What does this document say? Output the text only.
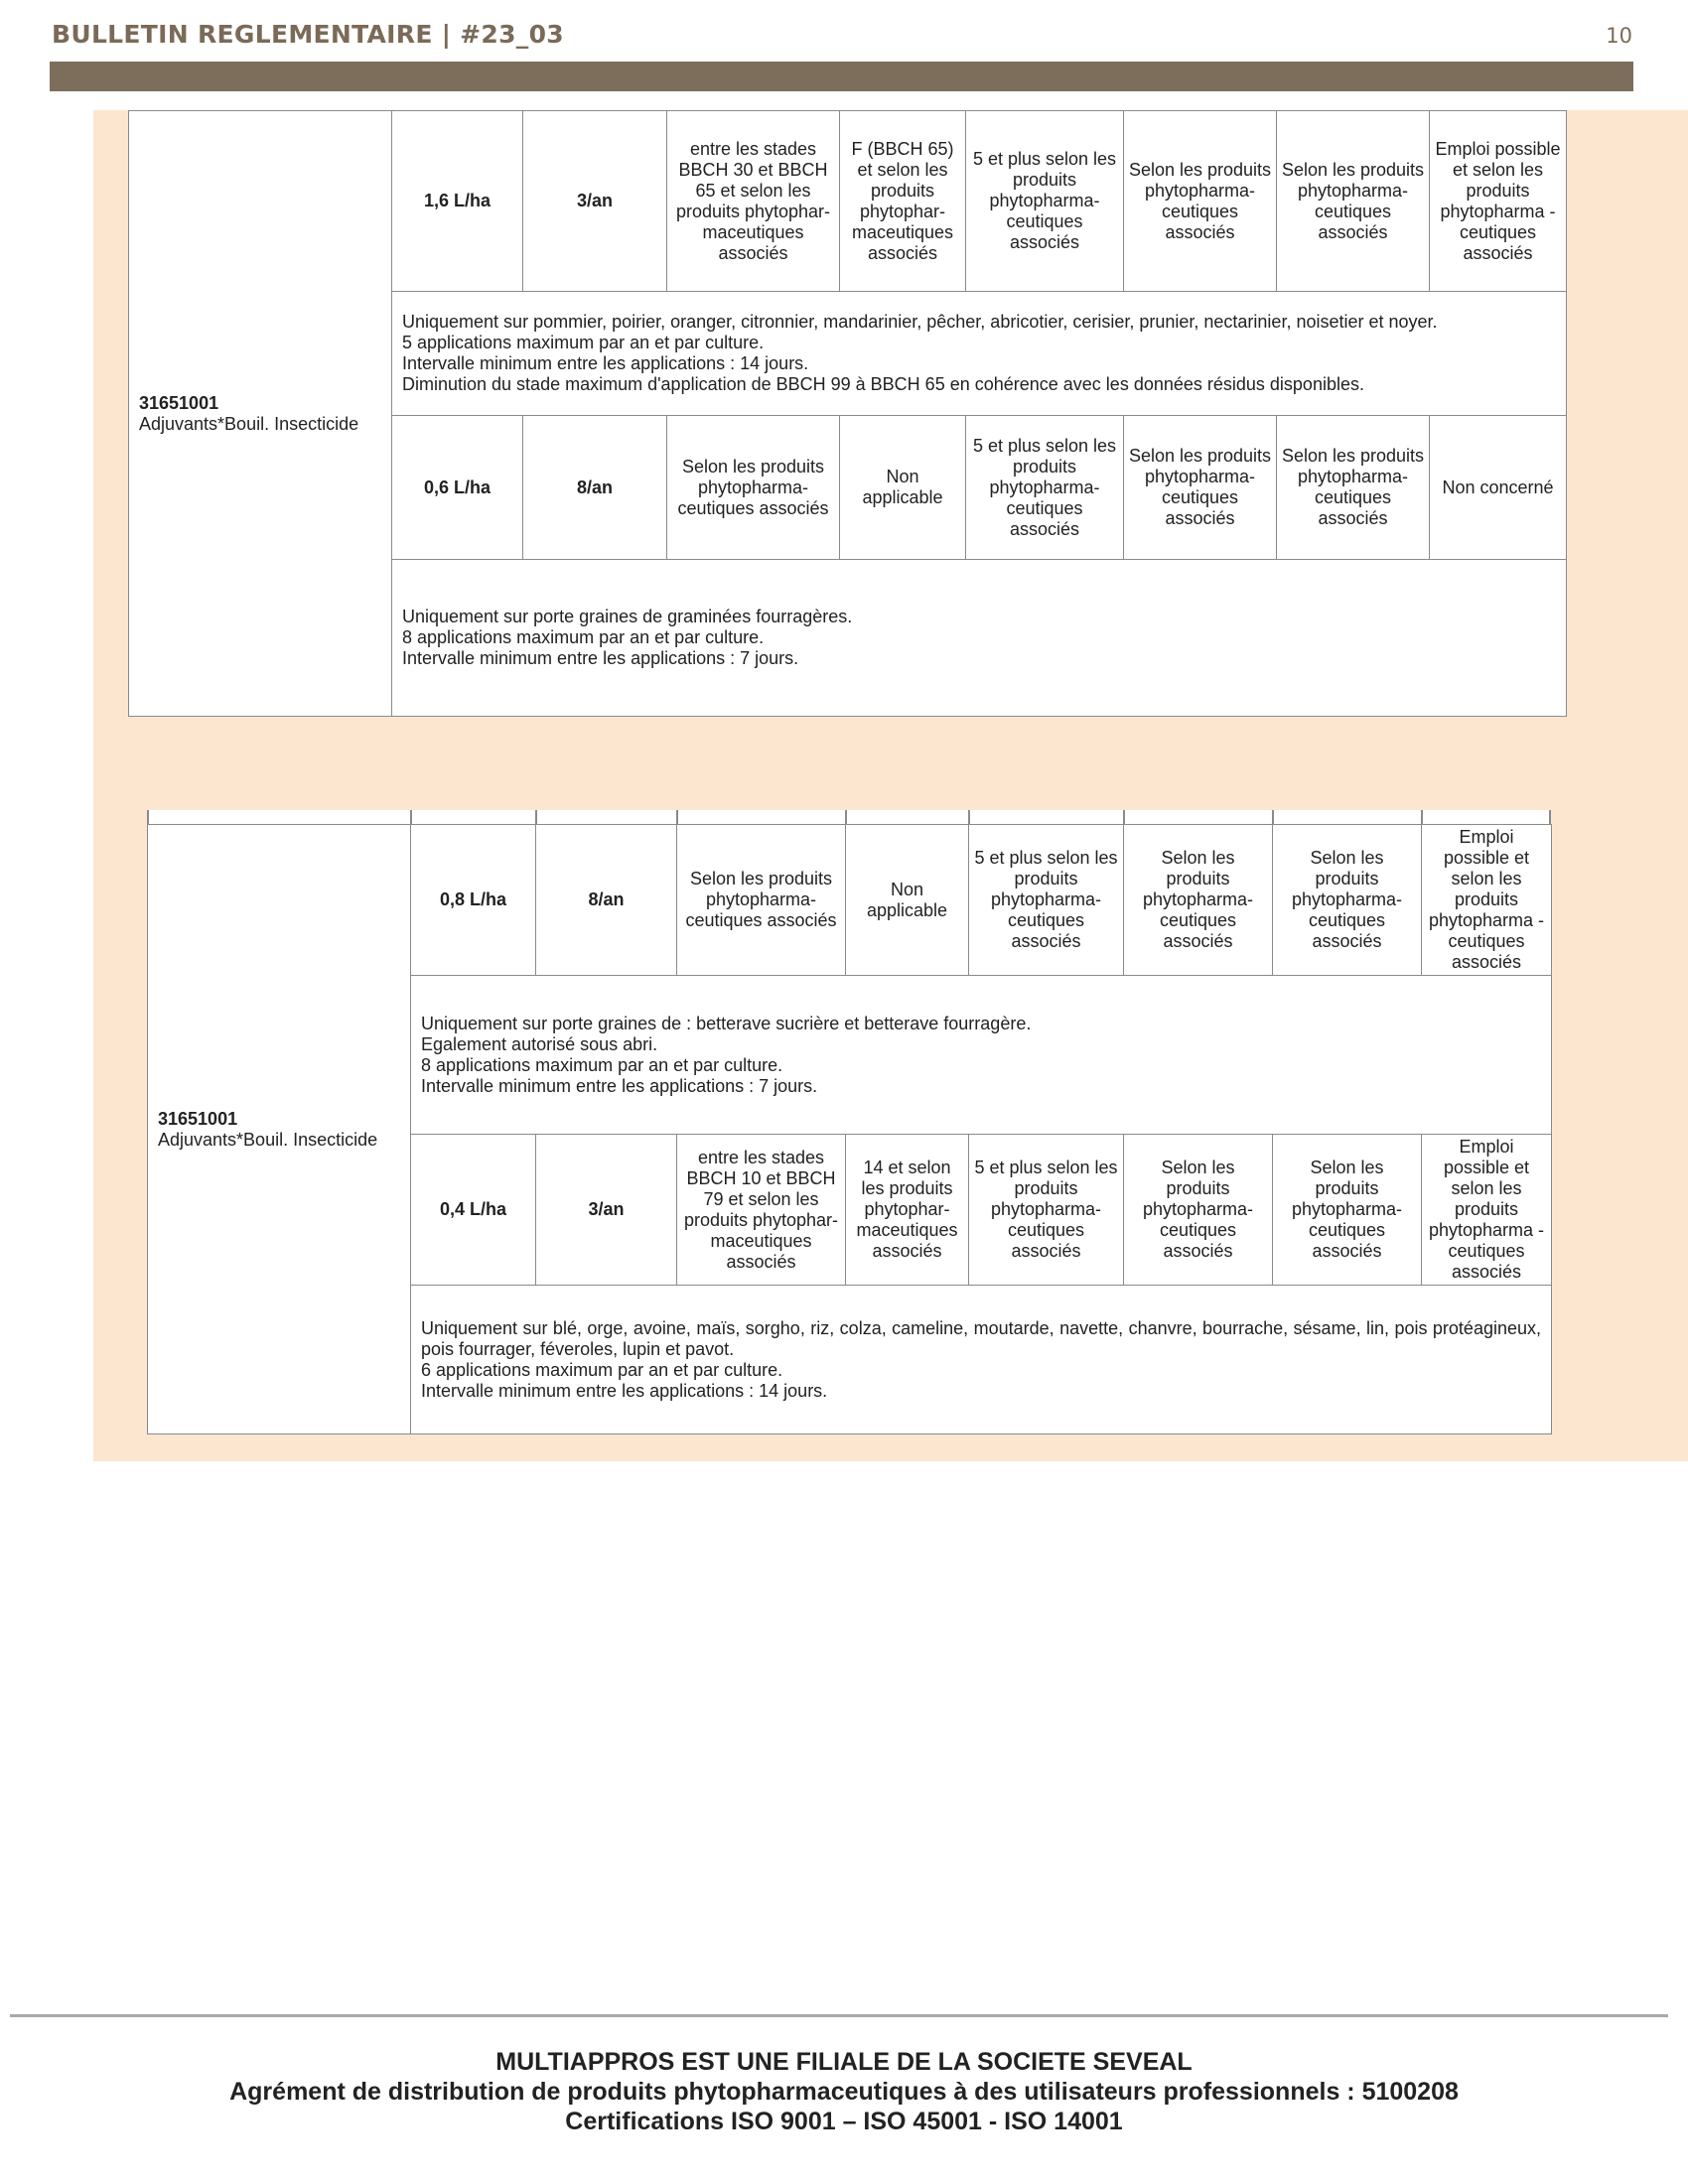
BULLETIN REGLEMENTAIRE | #23_03	10
31651001
Adjuvants*Bouil. Insecticide	1,6 L/ha	3/an	entre les stades BBCH 30 et BBCH 65 et selon les produits phytophar-maceutiques associés	F (BBCH 65) et selon les produits phytophar-maceutiques associés	5 et plus selon les produits phytopharma-ceutiques associés	Selon les produits phytopharma-ceutiques associés	Selon les produits phytopharma-ceutiques associés	Emploi possible et selon les produits phytopharma -ceutiques associés

	Uniquement sur pommier, poirier, oranger, citronnier, mandarinier, pêcher, abricotier, cerisier, prunier, nectarinier, noisetier et noyer.
5 applications maximum par an et par culture.
Intervalle minimum entre les applications : 14 jours.
Diminution du stade maximum d'application de BBCH 99 à BBCH 65 en cohérence avec les données résidus disponibles.							

	0,6 L/ha	8/an	Selon les produits phytopharma-ceutiques associés	Non applicable	5 et plus selon les produits phytopharma-ceutiques associés	Selon les produits phytopharma-ceutiques associés	Selon les produits phytopharma-ceutiques associés	Non concerné

	Uniquement sur porte graines de graminées fourragères.
8 applications maximum par an et par culture.
Intervalle minimum entre les applications : 7 jours.							
31651001
Adjuvants*Bouil. Insecticide	0,8 L/ha	8/an	Selon les produits phytopharma-ceutiques associés	Non applicable	5 et plus selon les produits phytopharma-ceutiques associés	Selon les produits phytopharma-ceutiques associés	Selon les produits phytopharma-ceutiques associés	Emploi possible et selon les produits phytopharma -ceutiques associés

	Uniquement sur porte graines de : betterave sucrière et betterave fourragère.
Egalement autorisé sous abri.
8 applications maximum par an et par culture.
Intervalle minimum entre les applications : 7 jours.							

	0,4 L/ha	3/an	entre les stades BBCH 10 et BBCH 79 et selon les produits phytophar-maceutiques associés	14 et selon les produits phytophar-maceutiques associés	5 et plus selon les produits phytopharma-ceutiques associés	Selon les produits phytopharma-ceutiques associés	Selon les produits phytopharma-ceutiques associés	Emploi possible et selon les produits phytopharma -ceutiques associés

	Uniquement sur blé, orge, avoine, maïs, sorgho, riz, colza, cameline, moutarde, navette, chanvre, bourrache, sésame, lin, pois protéagineux, pois fourrager, féveroles, lupin et pavot.
6 applications maximum par an et par culture.
Intervalle minimum entre les applications : 14 jours.							
MULTIAPPROS EST UNE FILIALE DE LA SOCIETE SEVEAL
Agrément de distribution de produits phytopharmaceutiques à des utilisateurs professionnels : 5100208
Certifications ISO 9001 – ISO 45001 - ISO 14001
